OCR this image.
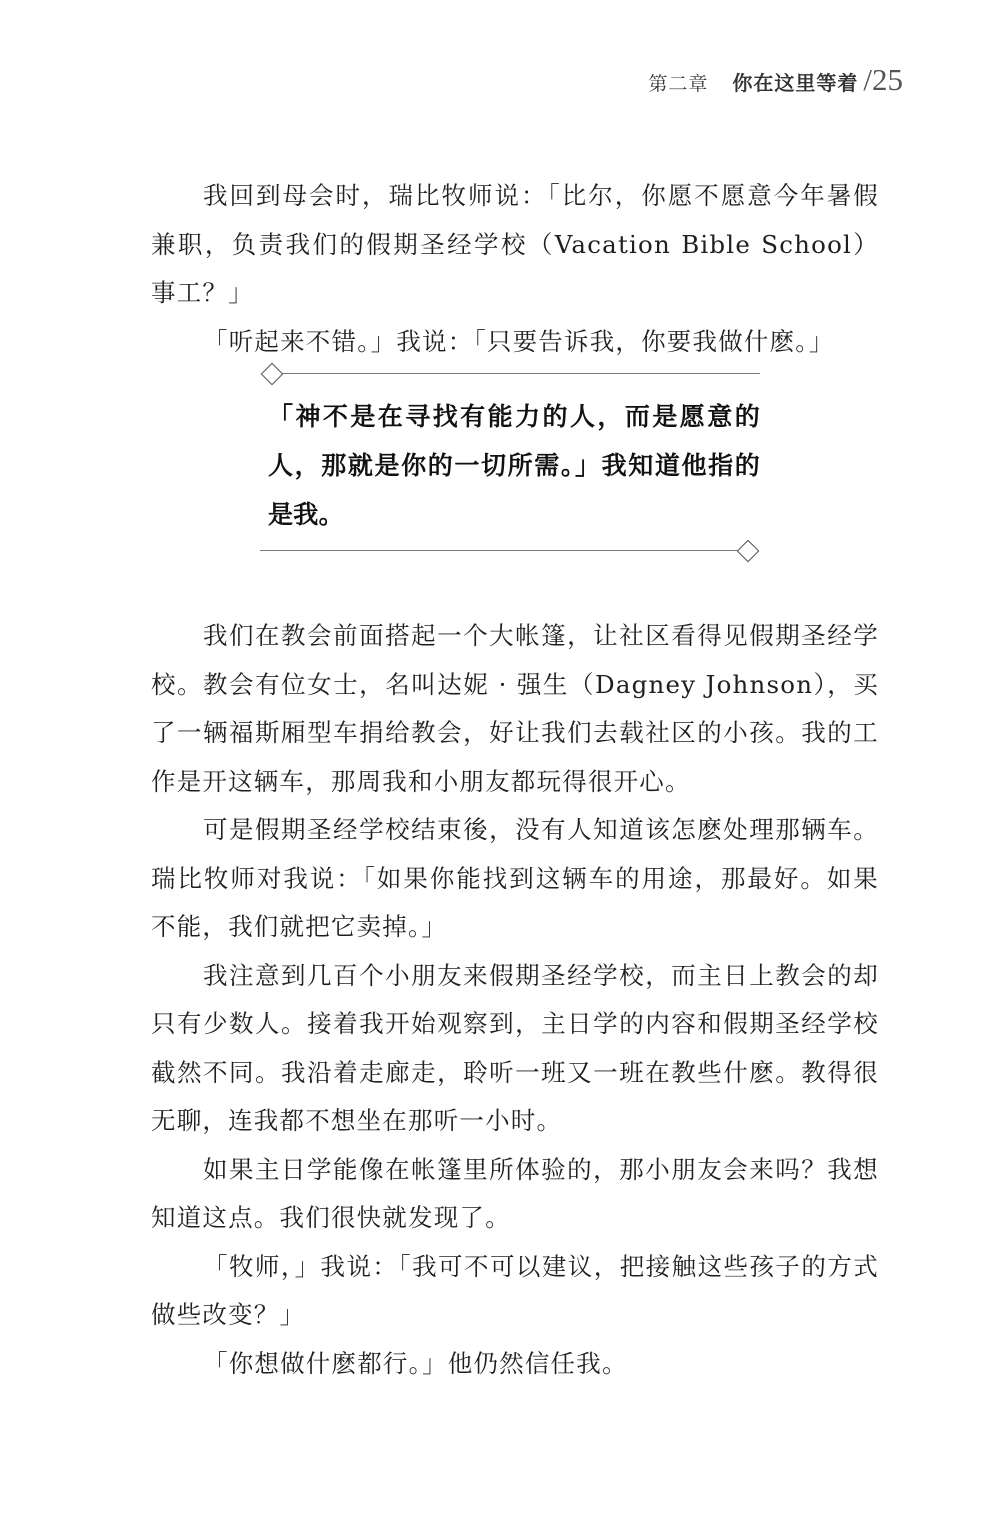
第二章 你在这里等着 /25

我回到母会时，瑞比牧师说：「比尔，你愿不愿意今年暑假兼职，负责我们的假期圣经学校（Vacation Bible School）事工？」

「听起来不错。」我说：「只要告诉我，你要我做什麽。」

「神不是在寻找有能力的人，而是愿意的人，那就是你的一切所需。」我知道他指的是我。

我们在教会前面搭起一个大帐篷，让社区看得见假期圣经学校。教会有位女士，名叫达妮 · 强生（Dagney Johnson），买了一辆福斯厢型车捐给教会，好让我们去载社区的小孩。我的工作是开这辆车，那周我和小朋友都玩得很开心。

可是假期圣经学校结束後，没有人知道该怎麽处理那辆车。瑞比牧师对我说：「如果你能找到这辆车的用途，那最好。如果不能，我们就把它卖掉。」

我注意到几百个小朋友来假期圣经学校，而主日上教会的却只有少数人。接着我开始观察到，主日学的内容和假期圣经学校截然不同。我沿着走廊走，聆听一班又一班在教些什麽。教得很无聊，连我都不想坐在那听一小时。

如果主日学能像在帐篷里所体验的，那小朋友会来吗？我想知道这点。我们很快就发现了。

「牧师，」我说：「我可不可以建议，把接触这些孩子的方式做些改变？」

「你想做什麽都行。」他仍然信任我。
